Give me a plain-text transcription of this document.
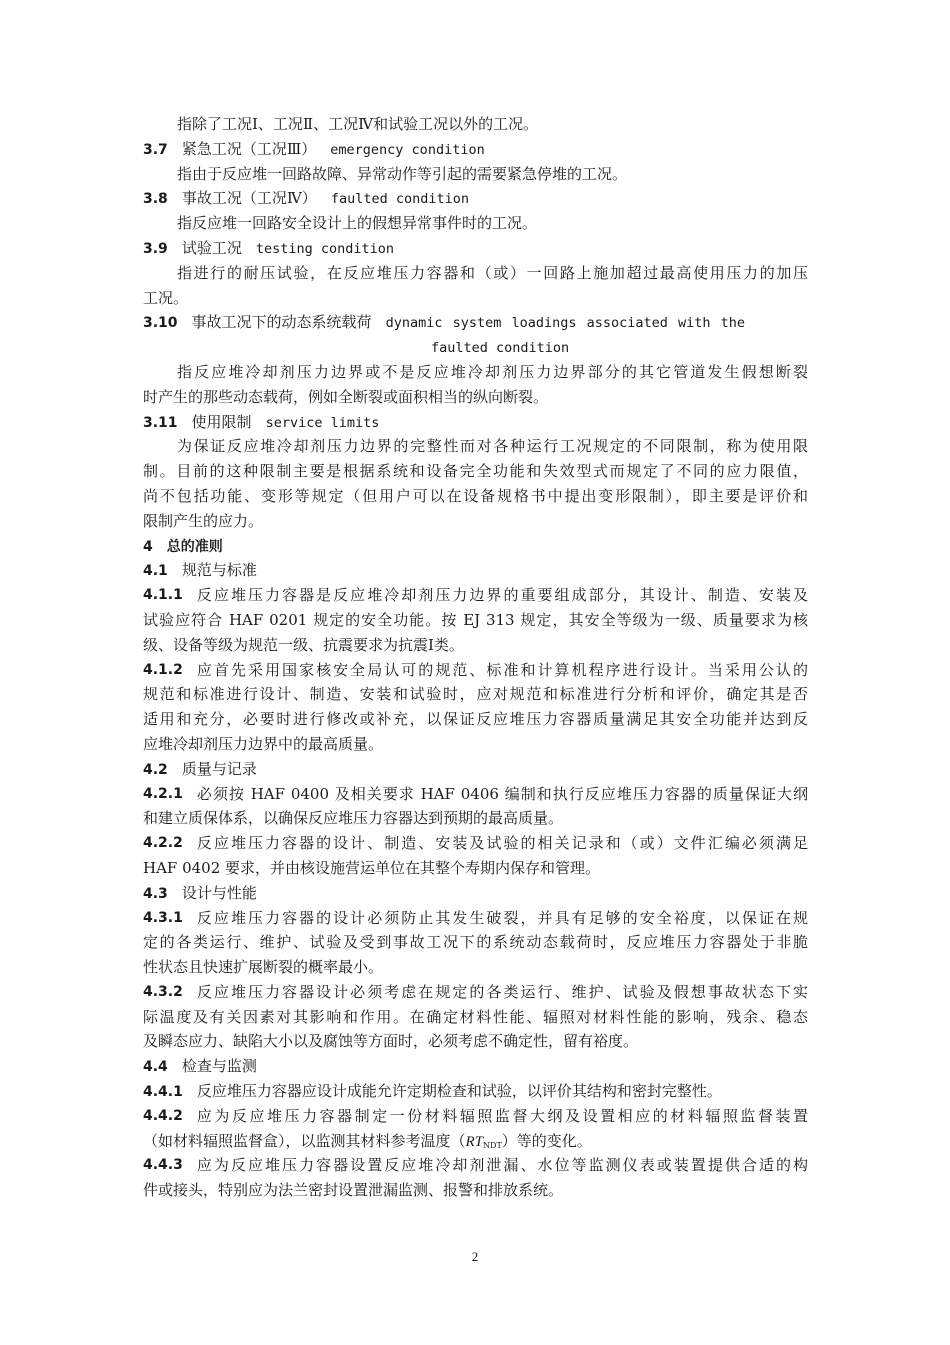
指除了工况Ⅰ、工况Ⅱ、工况Ⅳ和试验工况以外的工况。
3.7 紧急工况（工况Ⅲ） emergency condition
指由于反应堆一回路故障、异常动作等引起的需要紧急停堆的工况。
3.8 事故工况（工况Ⅳ） faulted condition
指反应堆一回路安全设计上的假想异常事件时的工况。
3.9 试验工况 testing condition
指进行的耐压试验，在反应堆压力容器和（或）一回路上施加超过最高使用压力的加压
工况。
3.10 事故工况下的动态系统载荷 dynamic system loadings associated with the
faulted condition
指反应堆冷却剂压力边界或不是反应堆冷却剂压力边界部分的其它管道发生假想断裂
时产生的那些动态载荷，例如全断裂或面积相当的纵向断裂。
3.11 使用限制 service limits
为保证反应堆冷却剂压力边界的完整性而对各种运行工况规定的不同限制，称为使用限
制。目前的这种限制主要是根据系统和设备完全功能和失效型式而规定了不同的应力限值，
尚不包括功能、变形等规定（但用户可以在设备规格书中提出变形限制），即主要是评价和
限制产生的应力。
4 总的准则
4.1 规范与标准
4.1.1 反应堆压力容器是反应堆冷却剂压力边界的重要组成部分，其设计、制造、安装及
试验应符合 HAF 0201 规定的安全功能。按 EJ 313 规定，其安全等级为一级、质量要求为核
级、设备等级为规范一级、抗震要求为抗震Ⅰ类。
4.1.2 应首先采用国家核安全局认可的规范、标准和计算机程序进行设计。当采用公认的
规范和标准进行设计、制造、安装和试验时，应对规范和标准进行分析和评价，确定其是否
适用和充分，必要时进行修改或补充，以保证反应堆压力容器质量满足其安全功能并达到反
应堆冷却剂压力边界中的最高质量。
4.2 质量与记录
4.2.1 必须按 HAF 0400 及相关要求 HAF 0406 编制和执行反应堆压力容器的质量保证大纲
和建立质保体系，以确保反应堆压力容器达到预期的最高质量。
4.2.2 反应堆压力容器的设计、制造、安装及试验的相关记录和（或）文件汇编必须满足
HAF 0402 要求，并由核设施营运单位在其整个寿期内保存和管理。
4.3 设计与性能
4.3.1 反应堆压力容器的设计必须防止其发生破裂，并具有足够的安全裕度，以保证在规
定的各类运行、维护、试验及受到事故工况下的系统动态载荷时，反应堆压力容器处于非脆
性状态且快速扩展断裂的概率最小。
4.3.2 反应堆压力容器设计必须考虑在规定的各类运行、维护、试验及假想事故状态下实
际温度及有关因素对其影响和作用。在确定材料性能、辐照对材料性能的影响，残余、稳态
及瞬态应力、缺陷大小以及腐蚀等方面时，必须考虑不确定性，留有裕度。
4.4 检查与监测
4.4.1 反应堆压力容器应设计成能允许定期检查和试验，以评价其结构和密封完整性。
4.4.2 应为反应堆压力容器制定一份材料辐照监督大纲及设置相应的材料辐照监督装置
（如材料辐照监督盒），以监测其材料参考温度$(RT_{NDT})$等的变化。
4.4.3 应为反应堆压力容器设置反应堆冷却剂泄漏、水位等监测仪表或装置提供合适的构
件或接头，特别应为法兰密封设置泄漏监测、报警和排放系统。
2
